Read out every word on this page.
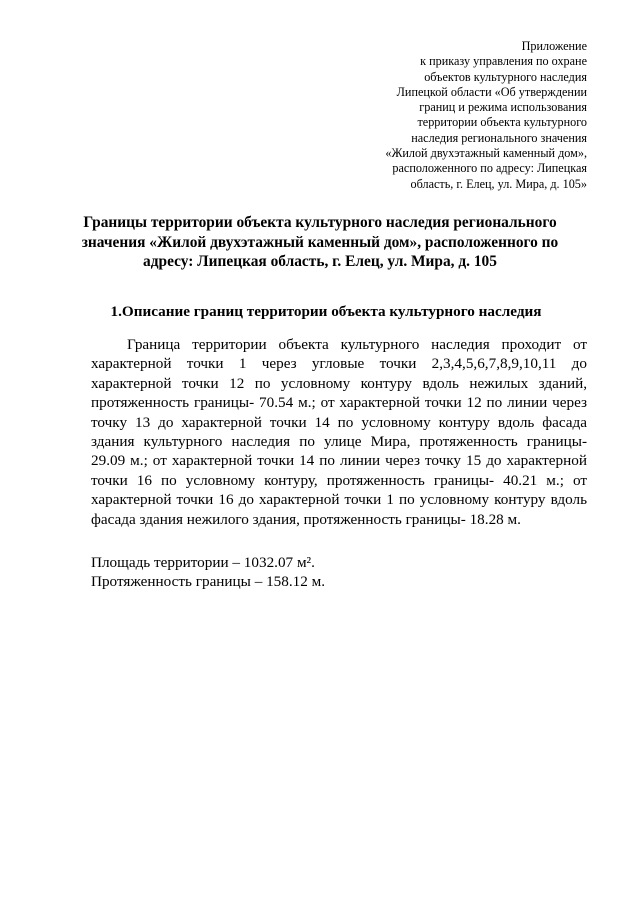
Приложение
к приказу управления по охране
объектов культурного наследия
Липецкой области «Об утверждении
границ и режима использования
территории объекта культурного
наследия регионального значения
«Жилой двухэтажный каменный дом»,
расположенного по адресу: Липецкая
область, г. Елец, ул. Мира, д. 105»
Границы территории объекта культурного наследия регионального
значения «Жилой двухэтажный каменный дом», расположенного по
адресу: Липецкая область, г. Елец, ул. Мира, д. 105
1.Описание границ территории объекта культурного наследия
Граница территории объекта культурного наследия проходит от
характерной точки 1 через угловые точки 2,3,4,5,6,7,8,9,10,11 до
характерной точки 12 по условному контуру вдоль нежилых зданий,
протяженность границы- 70.54 м.; от характерной точки 12 по линии через
точку 13 до характерной точки 14 по условному контуру вдоль фасада
здания культурного наследия по улице Мира, протяженность границы-
29.09 м.; от характерной точки 14 по линии через точку 15 до характерной
точки 16 по условному контуру, протяженность границы- 40.21 м.; от
характерной точки 16 до характерной точки 1 по условному контуру вдоль
фасада здания нежилого здания, протяженность границы- 18.28 м.
Площадь территории – 1032.07 м².
Протяженность границы – 158.12 м.
